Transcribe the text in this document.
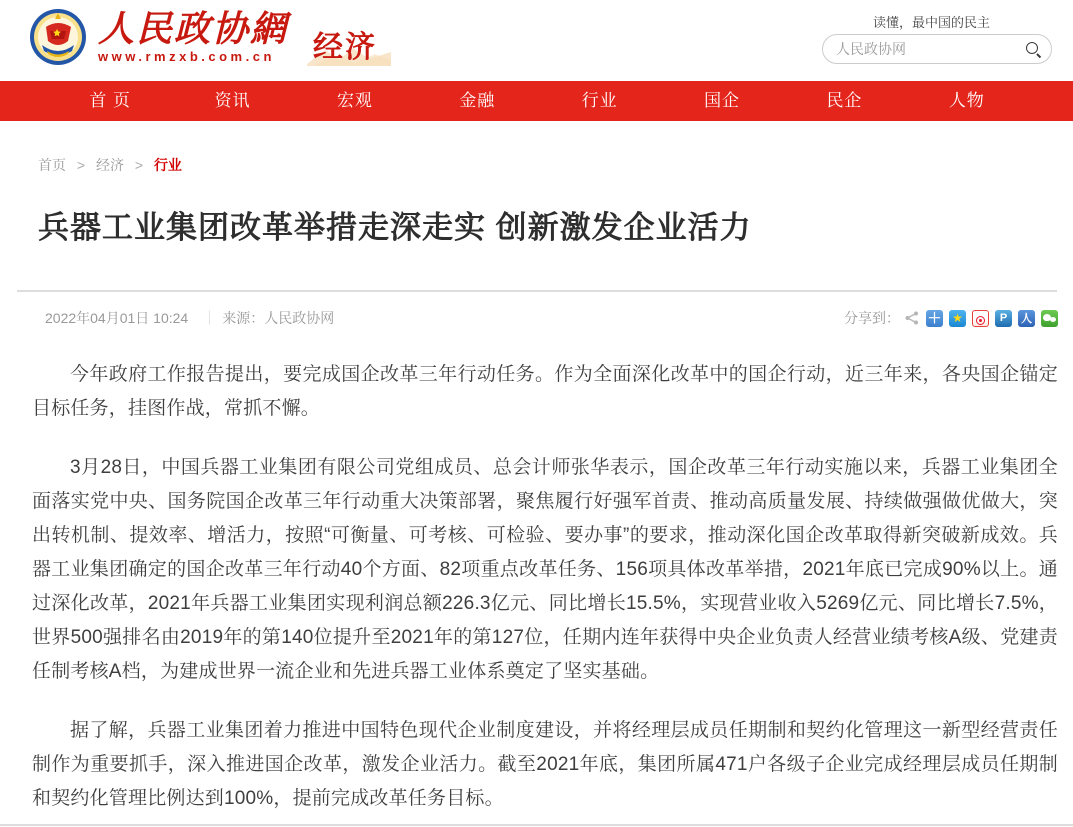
人民政协網
www.rmzxb.com.cn	经济
读懂，最中国的民主
人民政协网
首 页	资讯	宏观	金融	行业	国企	民企	人物
首页 > 经济 > 行业
兵器工业集团改革举措走深走实 创新激发企业活力
2022年04月01日 10:24 ｜ 来源：人民政协网	分享到： ＋ ★	P	人

今年政府工作报告提出，要完成国企改革三年行动任务。作为全面深化改革中的国企行动，近三年来，各央国企锚定目标任务，挂图作战，常抓不懈。

3月28日，中国兵器工业集团有限公司党组成员、总会计师张华表示，国企改革三年行动实施以来，兵器工业集团全面落实党中央、国务院国企改革三年行动重大决策部署，聚焦履行好强军首责、推动高质量发展、持续做强做优做大，突出转机制、提效率、增活力，按照“可衡量、可考核、可检验、要办事”的要求，推动深化国企改革取得新突破新成效。兵器工业集团确定的国企改革三年行动40个方面、82项重点改革任务、156项具体改革举措，2021年底已完成90%以上。通过深化改革，2021年兵器工业集团实现利润总额226.3亿元、同比增长15.5%，实现营业收入5269亿元、同比增长7.5%，世界500强排名由2019年的第140位提升至2021年的第127位，任期内连年获得中央企业负责人经营业绩考核A级、党建责任制考核A档，为建成世界一流企业和先进兵器工业体系奠定了坚实基础。

据了解，兵器工业集团着力推进中国特色现代企业制度建设，并将经理层成员任期制和契约化管理这一新型经营责任制作为重要抓手，深入推进国企改革，激发企业活力。截至2021年底，集团所属471户各级子企业完成经理层成员任期制和契约化管理比例达到100%，提前完成改革任务目标。
